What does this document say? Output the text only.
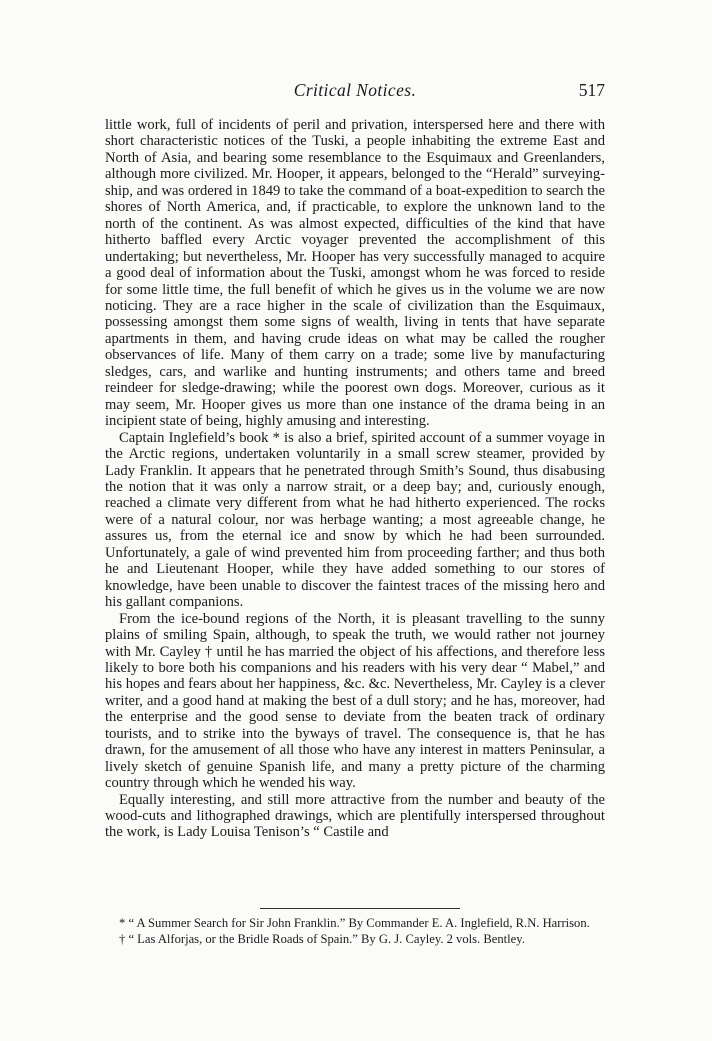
Critical Notices.	517

little work, full of incidents of peril and privation, interspersed here and there with short characteristic notices of the Tuski, a people inhabiting the extreme East and North of Asia, and bearing some resemblance to the Esquimaux and Greenlanders, although more civilized. Mr. Hooper, it appears, belonged to the “Herald” surveying-ship, and was ordered in 1849 to take the command of a boat-expedition to search the shores of North America, and, if practicable, to explore the unknown land to the north of the continent. As was almost expected, difficulties of the kind that have hitherto baffled every Arctic voyager prevented the accomplishment of this undertaking; but nevertheless, Mr. Hooper has very successfully managed to acquire a good deal of information about the Tuski, amongst whom he was forced to reside for some little time, the full benefit of which he gives us in the volume we are now noticing. They are a race higher in the scale of civilization than the Esquimaux, possessing amongst them some signs of wealth, living in tents that have separate apartments in them, and having crude ideas on what may be called the rougher observances of life. Many of them carry on a trade; some live by manufacturing sledges, cars, and warlike and hunting instruments; and others tame and breed reindeer for sledge-drawing; while the poorest own dogs. Moreover, curious as it may seem, Mr. Hooper gives us more than one instance of the drama being in an incipient state of being, highly amusing and interesting.

Captain Inglefield’s book * is also a brief, spirited account of a summer voyage in the Arctic regions, undertaken voluntarily in a small screw steamer, provided by Lady Franklin. It appears that he penetrated through Smith’s Sound, thus disabusing the notion that it was only a narrow strait, or a deep bay; and, curiously enough, reached a climate very different from what he had hitherto experienced. The rocks were of a natural colour, nor was herbage wanting; a most agreeable change, he assures us, from the eternal ice and snow by which he had been surrounded. Unfortunately, a gale of wind prevented him from proceeding farther; and thus both he and Lieutenant Hooper, while they have added something to our stores of knowledge, have been unable to discover the faintest traces of the missing hero and his gallant companions.

From the ice-bound regions of the North, it is pleasant travelling to the sunny plains of smiling Spain, although, to speak the truth, we would rather not journey with Mr. Cayley † until he has married the object of his affections, and therefore less likely to bore both his companions and his readers with his very dear “ Mabel,” and his hopes and fears about her happiness, &c. &c. Nevertheless, Mr. Cayley is a clever writer, and a good hand at making the best of a dull story; and he has, moreover, had the enterprise and the good sense to deviate from the beaten track of ordinary tourists, and to strike into the byways of travel. The consequence is, that he has drawn, for the amusement of all those who have any interest in matters Peninsular, a lively sketch of genuine Spanish life, and many a pretty picture of the charming country through which he wended his way.

Equally interesting, and still more attractive from the number and beauty of the wood-cuts and lithographed drawings, which are plentifully interspersed throughout the work, is Lady Louisa Tenison’s “ Castile and

* “ A Summer Search for Sir John Franklin.” By Commander E. A. Inglefield, R.N. Harrison.

† “ Las Alforjas, or the Bridle Roads of Spain.” By G. J. Cayley. 2 vols. Bentley.
